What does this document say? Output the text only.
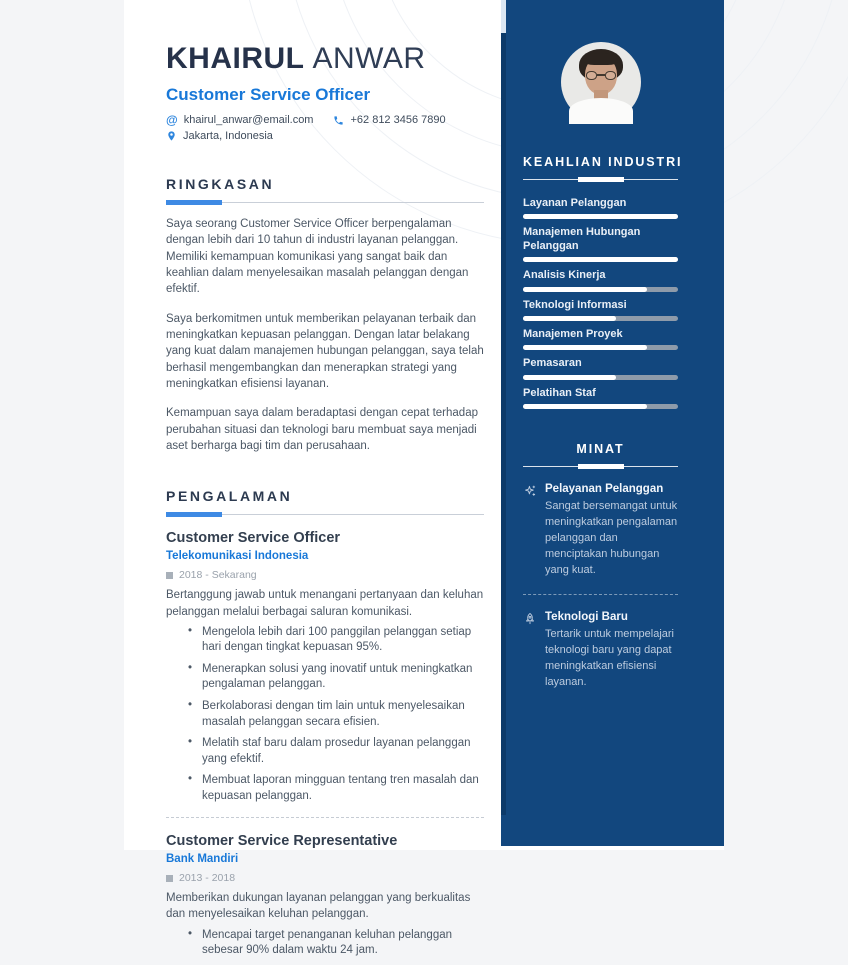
KHAIRUL ANWAR
Customer Service Officer
@ khairul_anwar@email.com	+62 812 3456 7890
Jakarta, Indonesia
RINGKASAN

Saya seorang Customer Service Officer berpengalaman dengan lebih dari 10 tahun di industri layanan pelanggan. Memiliki kemampuan komunikasi yang sangat baik dan keahlian dalam menyelesaikan masalah pelanggan dengan efektif.

Saya berkomitmen untuk memberikan pelayanan terbaik dan meningkatkan kepuasan pelanggan. Dengan latar belakang yang kuat dalam manajemen hubungan pelanggan, saya telah berhasil mengembangkan dan menerapkan strategi yang meningkatkan efisiensi layanan.

Kemampuan saya dalam beradaptasi dengan cepat terhadap perubahan situasi dan teknologi baru membuat saya menjadi aset berharga bagi tim dan perusahaan.

PENGALAMAN
Customer Service Officer
Telekomunikasi Indonesia
2018 - Sekarang
Bertanggung jawab untuk menangani pertanyaan dan keluhan pelanggan melalui berbagai saluran komunikasi.
• Mengelola lebih dari 100 panggilan pelanggan setiap hari dengan tingkat kepuasan 95%.
• Menerapkan solusi yang inovatif untuk meningkatkan pengalaman pelanggan.
• Berkolaborasi dengan tim lain untuk menyelesaikan masalah pelanggan secara efisien.
• Melatih staf baru dalam prosedur layanan pelanggan yang efektif.
• Membuat laporan mingguan tentang tren masalah dan kepuasan pelanggan.
Customer Service Representative
Bank Mandiri
2013 - 2018
Memberikan dukungan layanan pelanggan yang berkualitas dan menyelesaikan keluhan pelanggan.
• Mencapai target penanganan keluhan pelanggan sebesar 90% dalam waktu 24 jam.
KEAHLIAN INDUSTRI
Layanan Pelanggan
Manajemen Hubungan Pelanggan
Analisis Kinerja
Teknologi Informasi
Manajemen Proyek
Pemasaran
Pelatihan Staf
MINAT
Pelayanan Pelanggan
Sangat bersemangat untuk meningkatkan pengalaman pelanggan dan menciptakan hubungan yang kuat.
Teknologi Baru
Tertarik untuk mempelajari teknologi baru yang dapat meningkatkan efisiensi layanan.
